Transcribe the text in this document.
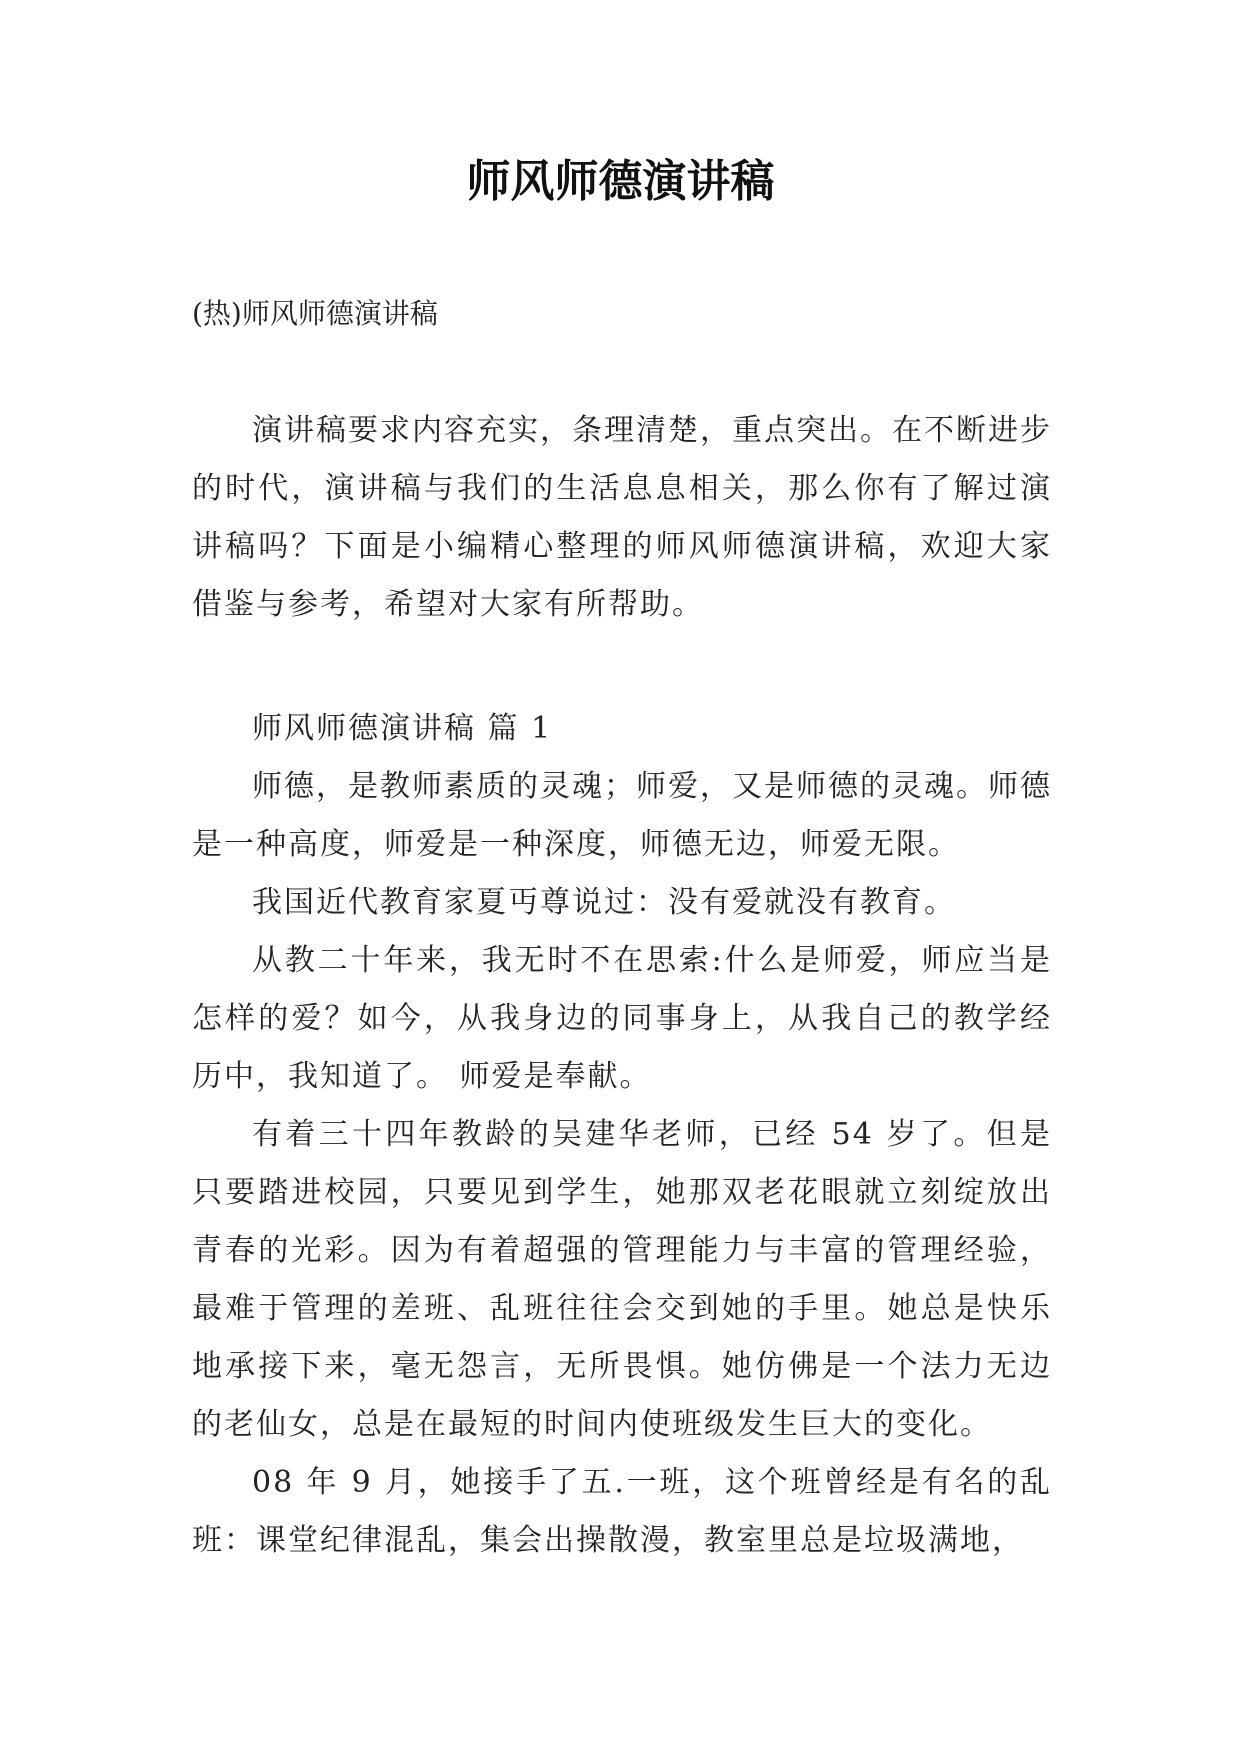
师风师德演讲稿

(热)师风师德演讲稿

演讲稿要求内容充实，条理清楚，重点突出。在不断进步的时代，演讲稿与我们的生活息息相关，那么你有了解过演讲稿吗？下面是小编精心整理的师风师德演讲稿，欢迎大家借鉴与参考，希望对大家有所帮助。

师风师德演讲稿 篇 1

师德，是教师素质的灵魂；师爱，又是师德的灵魂。师德是一种高度，师爱是一种深度，师德无边，师爱无限。

我国近代教育家夏丏尊说过：没有爱就没有教育。

从教二十年来，我无时不在思索:什么是师爱，师应当是怎样的爱？如今，从我身边的同事身上，从我自己的教学经历中，我知道了。 师爱是奉献。

有着三十四年教龄的吴建华老师，已经 54 岁了。但是只要踏进校园，只要见到学生，她那双老花眼就立刻绽放出青春的光彩。因为有着超强的管理能力与丰富的管理经验，最难于管理的差班、乱班往往会交到她的手里。她总是快乐地承接下来，毫无怨言，无所畏惧。她仿佛是一个法力无边的老仙女，总是在最短的时间内使班级发生巨大的变化。

08 年 9 月，她接手了五.一班，这个班曾经是有名的乱班：课堂纪律混乱，集会出操散漫，教室里总是垃圾满地，
